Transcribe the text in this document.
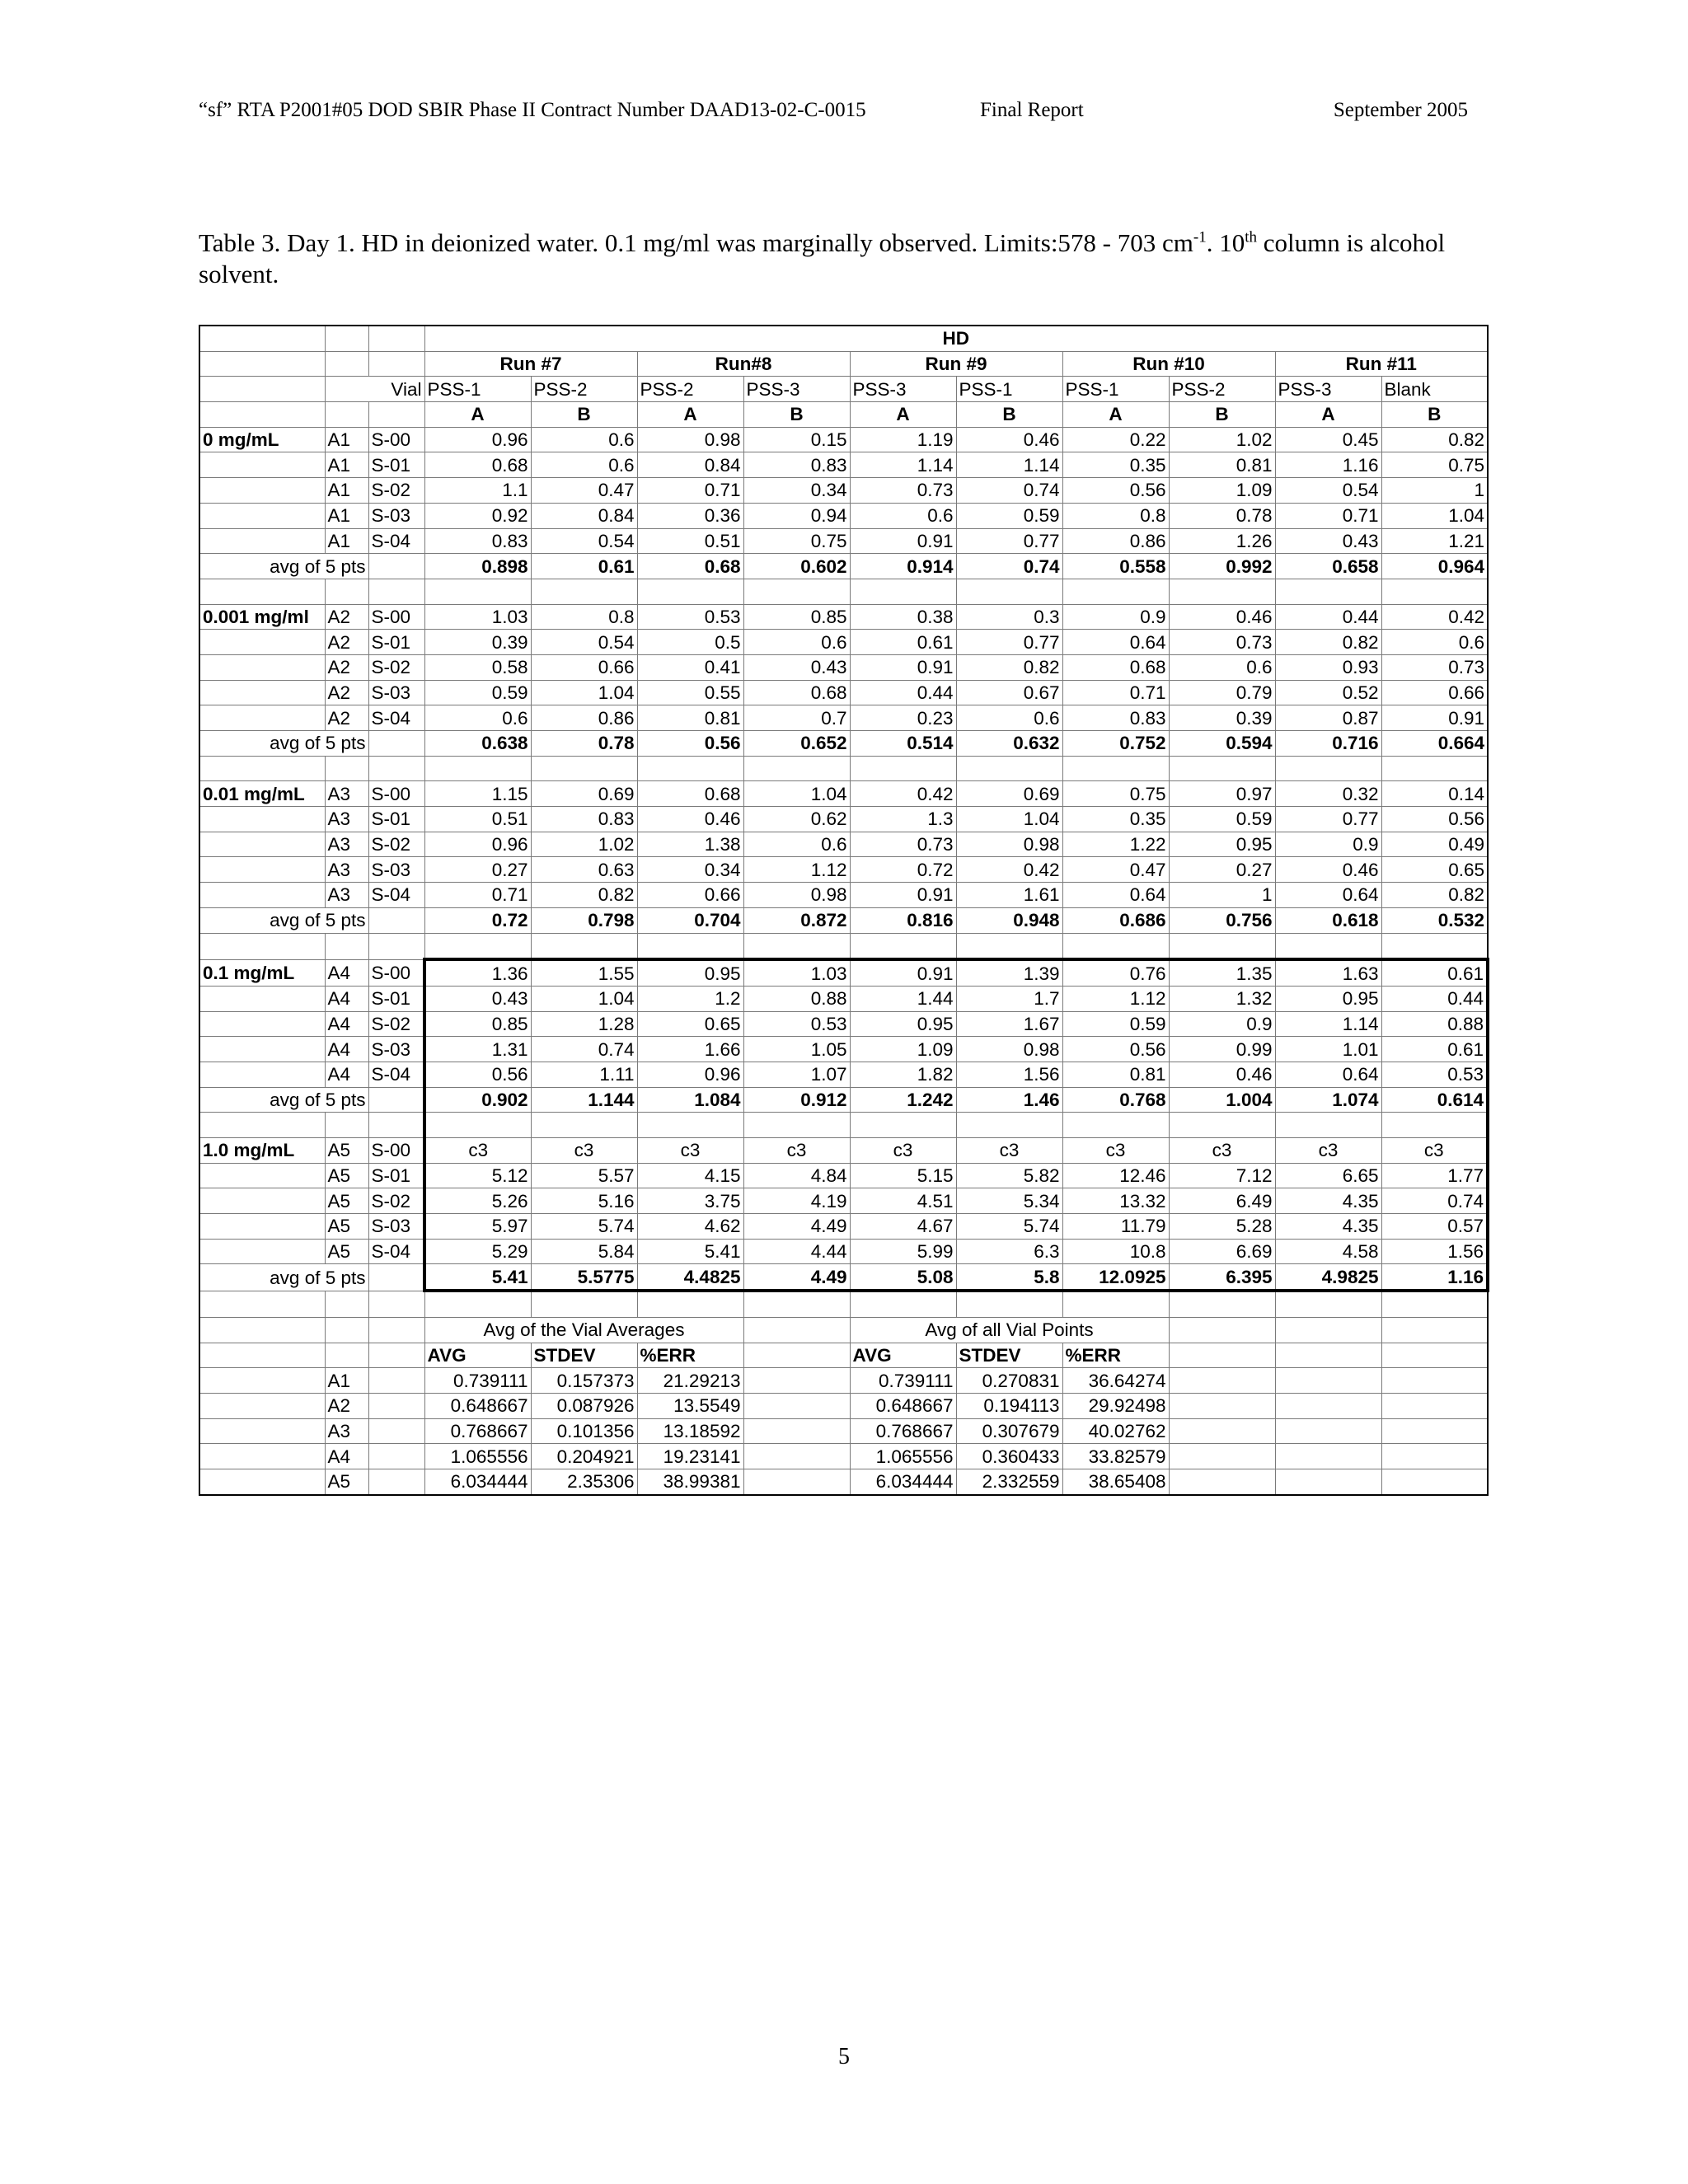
“sf” RTA P2001#05 DOD SBIR Phase II Contract Number DAAD13-02-C-0015	Final Report	September 2005
Table 3. Day 1. HD in deionized water. 0.1 mg/ml was marginally observed. Limits:578 - 703 $cm^{-1}$. 10th column is alcohol solvent.
			HD									
			Run #7		Run#8		Run #9		Run #10		Run #11	
	Vial		PSS-1	PSS-2	PSS-2	PSS-3	PSS-3	PSS-1	PSS-1	PSS-2	PSS-3	Blank
			A	B	A	B	A	B	A	B	A	B
0 mg/mL	A1	S-00	0.96	0.6	0.98	0.15	1.19	0.46	0.22	1.02	0.45	0.82
	A1	S-01	0.68	0.6	0.84	0.83	1.14	1.14	0.35	0.81	1.16	0.75
	A1	S-02	1.1	0.47	0.71	0.34	0.73	0.74	0.56	1.09	0.54	1
	A1	S-03	0.92	0.84	0.36	0.94	0.6	0.59	0.8	0.78	0.71	1.04
	A1	S-04	0.83	0.54	0.51	0.75	0.91	0.77	0.86	1.26	0.43	1.21
avg of 5 pts			0.898	0.61	0.68	0.602	0.914	0.74	0.558	0.992	0.658	0.964

0.001 mg/ml	A2	S-00	1.03	0.8	0.53	0.85	0.38	0.3	0.9	0.46	0.44	0.42
	A2	S-01	0.39	0.54	0.5	0.6	0.61	0.77	0.64	0.73	0.82	0.6
	A2	S-02	0.58	0.66	0.41	0.43	0.91	0.82	0.68	0.6	0.93	0.73
	A2	S-03	0.59	1.04	0.55	0.68	0.44	0.67	0.71	0.79	0.52	0.66
	A2	S-04	0.6	0.86	0.81	0.7	0.23	0.6	0.83	0.39	0.87	0.91
avg of 5 pts			0.638	0.78	0.56	0.652	0.514	0.632	0.752	0.594	0.716	0.664

0.01 mg/mL	A3	S-00	1.15	0.69	0.68	1.04	0.42	0.69	0.75	0.97	0.32	0.14
	A3	S-01	0.51	0.83	0.46	0.62	1.3	1.04	0.35	0.59	0.77	0.56
	A3	S-02	0.96	1.02	1.38	0.6	0.73	0.98	1.22	0.95	0.9	0.49
	A3	S-03	0.27	0.63	0.34	1.12	0.72	0.42	0.47	0.27	0.46	0.65
	A3	S-04	0.71	0.82	0.66	0.98	0.91	1.61	0.64	1	0.64	0.82
avg of 5 pts			0.72	0.798	0.704	0.872	0.816	0.948	0.686	0.756	0.618	0.532

0.1 mg/mL	A4	S-00	1.36	1.55	0.95	1.03	0.91	1.39	0.76	1.35	1.63	0.61
	A4	S-01	0.43	1.04	1.2	0.88	1.44	1.7	1.12	1.32	0.95	0.44
	A4	S-02	0.85	1.28	0.65	0.53	0.95	1.67	0.59	0.9	1.14	0.88
	A4	S-03	1.31	0.74	1.66	1.05	1.09	0.98	0.56	0.99	1.01	0.61
	A4	S-04	0.56	1.11	0.96	1.07	1.82	1.56	0.81	0.46	0.64	0.53
avg of 5 pts			0.902	1.144	1.084	0.912	1.242	1.46	0.768	1.004	1.074	0.614

1.0 mg/mL	A5	S-00	c3	c3	c3	c3	c3	c3	c3	c3	c3	c3
	A5	S-01	5.12	5.57	4.15	4.84	5.15	5.82	12.46	7.12	6.65	1.77
	A5	S-02	5.26	5.16	3.75	4.19	4.51	5.34	13.32	6.49	4.35	0.74
	A5	S-03	5.97	5.74	4.62	4.49	4.67	5.74	11.79	5.28	4.35	0.57
	A5	S-04	5.29	5.84	5.41	4.44	5.99	6.3	10.8	6.69	4.58	1.56
avg of 5 pts			5.41	5.5775	4.4825	4.49	5.08	5.8	12.0925	6.395	4.9825	1.16

			Avg of the Vial Averages				Avg of all Vial Points					
			AVG	STDEV	%ERR		AVG	STDEV	%ERR			
	A1		0.739111	0.157373	21.29213		0.739111	0.270831	36.64274			
	A2		0.648667	0.087926	13.5549		0.648667	0.194113	29.92498			
	A3		0.768667	0.101356	13.18592		0.768667	0.307679	40.02762			
	A4		1.065556	0.204921	19.23141		1.065556	0.360433	33.82579			
	A5		6.034444	2.35306	38.99381		6.034444	2.332559	38.65408			
5
